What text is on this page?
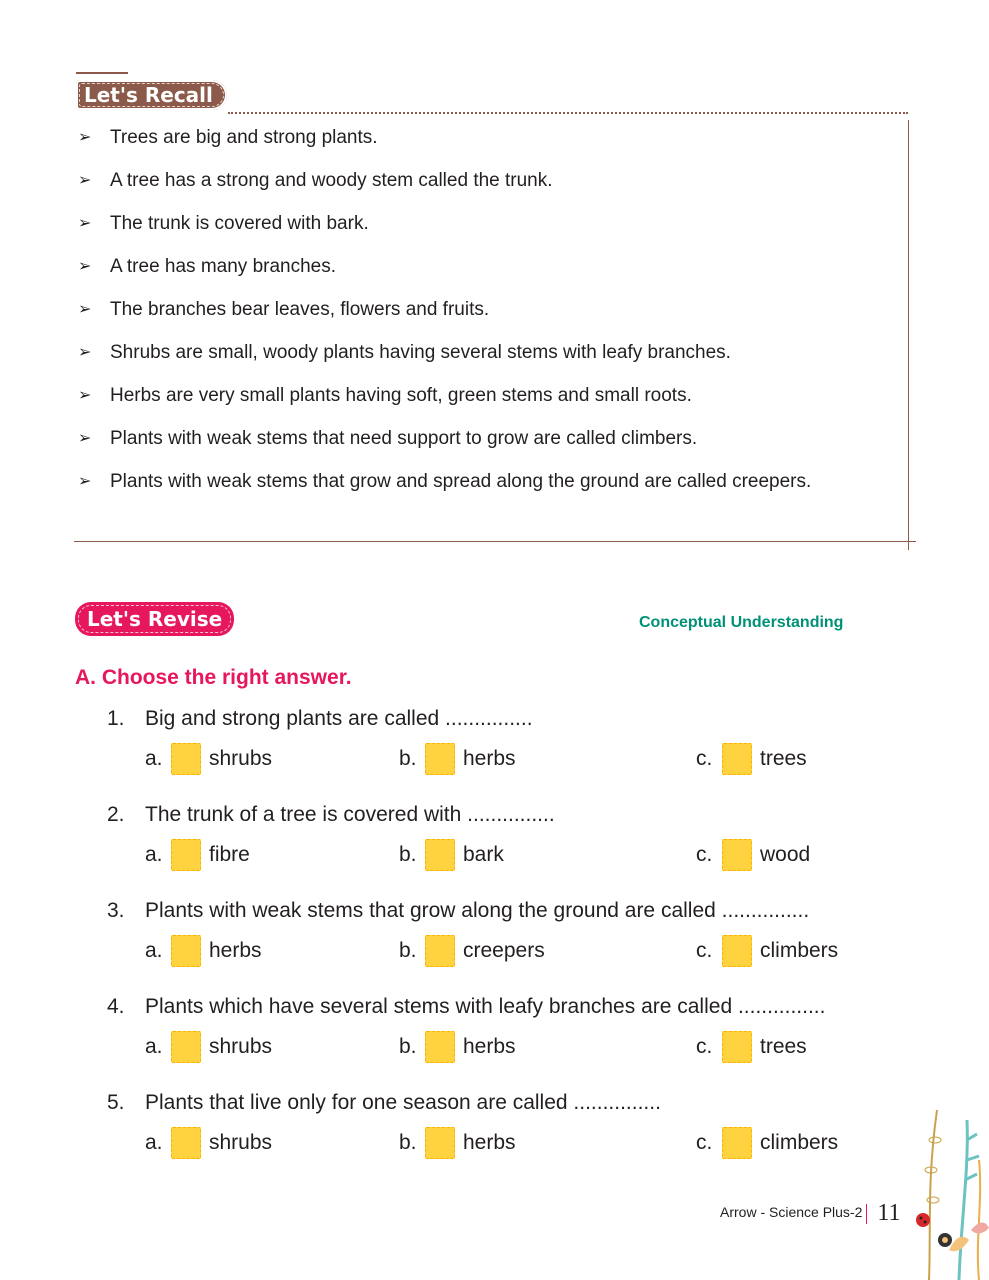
Let's Recall
➢ Trees are big and strong plants.
➢ A tree has a strong and woody stem called the trunk.
➢ The trunk is covered with bark.
➢ A tree has many branches.
➢ The branches bear leaves, flowers and fruits.
➢ Shrubs are small, woody plants having several stems with leafy branches.
➢ Herbs are very small plants having soft, green stems and small roots.
➢ Plants with weak stems that need support to grow are called climbers.
➢ Plants with weak stems that grow and spread along the ground are called creepers.
Let's Revise	Conceptual Understanding
A. Choose the right answer.
1. Big and strong plants are called ...............
a. shrubs	b. herbs	c. trees
2. The trunk of a tree is covered with ...............
a. fibre	b. bark	c. wood
3. Plants with weak stems that grow along the ground are called ...............
a. herbs	b. creepers	c. climbers
4. Plants which have several stems with leafy branches are called ...............
a. shrubs	b. herbs	c. trees
5. Plants that live only for one season are called ...............
a. shrubs	b. herbs	c. climbers
Arrow - Science Plus-2 11
